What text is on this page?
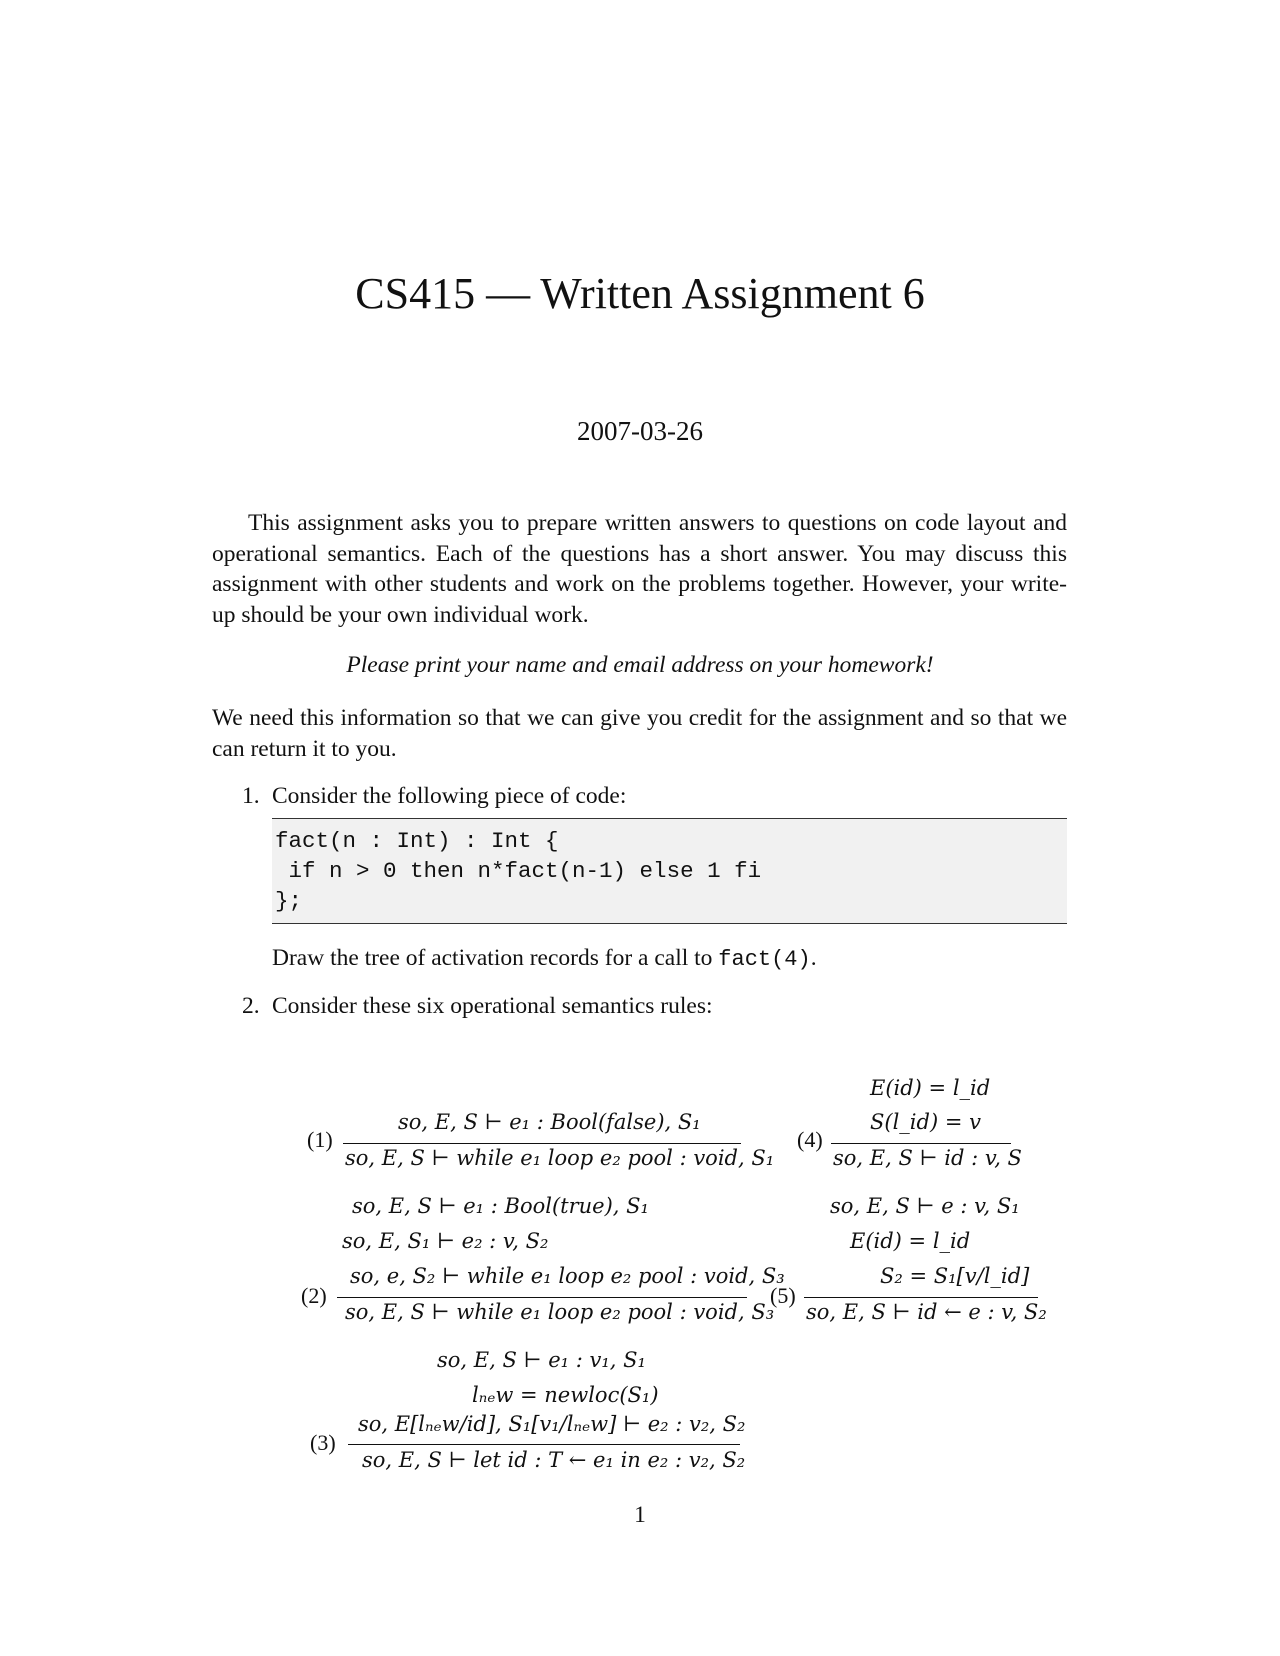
CS415 — Written Assignment 6
2007-03-26

This assignment asks you to prepare written answers to questions on code layout and operational semantics. Each of the questions has a short answer. You may discuss this assignment with other students and work on the problems together. However, your write-up should be your own individual work.

Please print your name and email address on your homework!

We need this information so that we can give you credit for the assignment and so that we can return it to you.

1. Consider the following piece of code:
fact(n : Int) : Int {
if n > 0 then n*fact(n-1) else 1 fi
};
Draw the tree of activation records for a call to fact(4).
2. Consider these six operational semantics rules:
(1)
so, E, S ⊢ e₁ : Bool(false), S₁
so, E, S ⊢ while e₁ loop e₂ pool : void, S₁
(2)
so, E, S ⊢ e₁ : Bool(true), S₁
so, E, S₁ ⊢ e₂ : v, S₂
so, e, S₂ ⊢ while e₁ loop e₂ pool : void, S₃
so, E, S ⊢ while e₁ loop e₂ pool : void, S₃
(3)
so, E, S ⊢ e₁ : v₁, S₁
lₙₑw = newloc(S₁)
so, E[lₙₑw/id], S₁[v₁/lₙₑw] ⊢ e₂ : v₂, S₂
so, E, S ⊢ let id : T ← e₁ in e₂ : v₂, S₂
(4)
E(id) = l_id
S(l_id) = v
so, E, S ⊢ id : v, S
(5)
so, E, S ⊢ e : v, S₁
E(id) = l_id
S₂ = S₁[v/l_id]
so, E, S ⊢ id ← e : v, S₂
1
